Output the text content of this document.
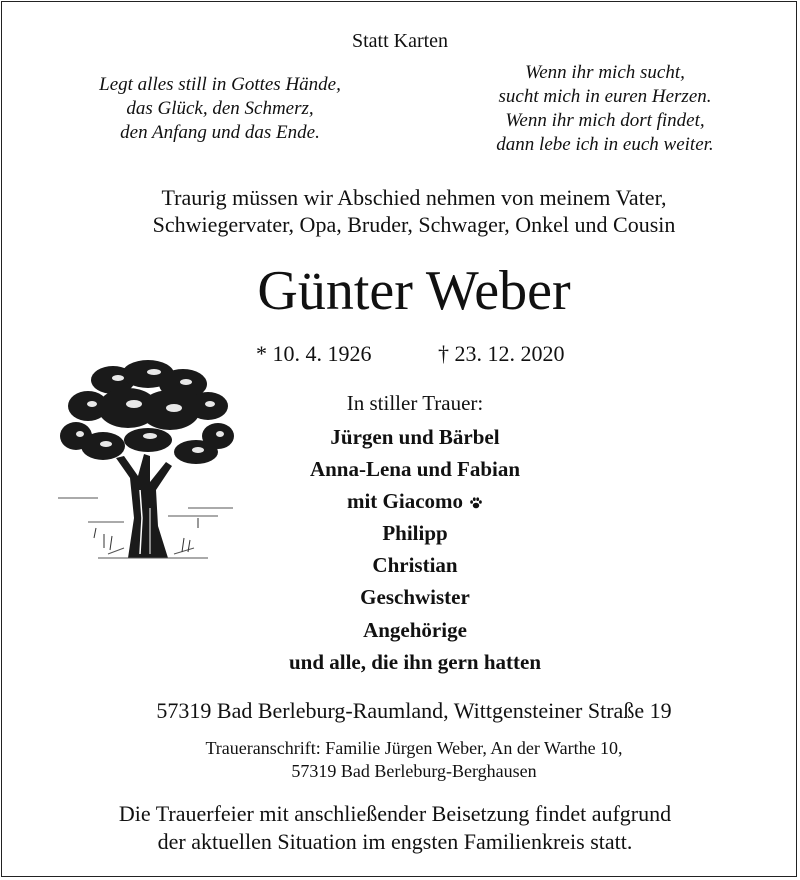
Statt Karten
Legt alles still in Gottes Hände,
das Glück, den Schmerz,
den Anfang und das Ende.
Wenn ihr mich sucht,
sucht mich in euren Herzen.
Wenn ihr mich dort findet,
dann lebe ich in euch weiter.
Traurig müssen wir Abschied nehmen von meinem Vater,
Schwiegervater, Opa, Bruder, Schwager, Onkel und Cousin
Günter Weber
* 10. 4. 1926	† 23. 12. 2020
In stiller Trauer:
Jürgen und Bärbel
Anna-Lena und Fabian
mit Giacomo
Philipp
Christian
Geschwister
Angehörige
und alle, die ihn gern hatten
57319 Bad Berleburg-Raumland, Wittgensteiner Straße 19
Traueranschrift: Familie Jürgen Weber, An der Warthe 10,
57319 Bad Berleburg-Berghausen
Die Trauerfeier mit anschließender Beisetzung findet aufgrund
der aktuellen Situation im engsten Familienkreis statt.
